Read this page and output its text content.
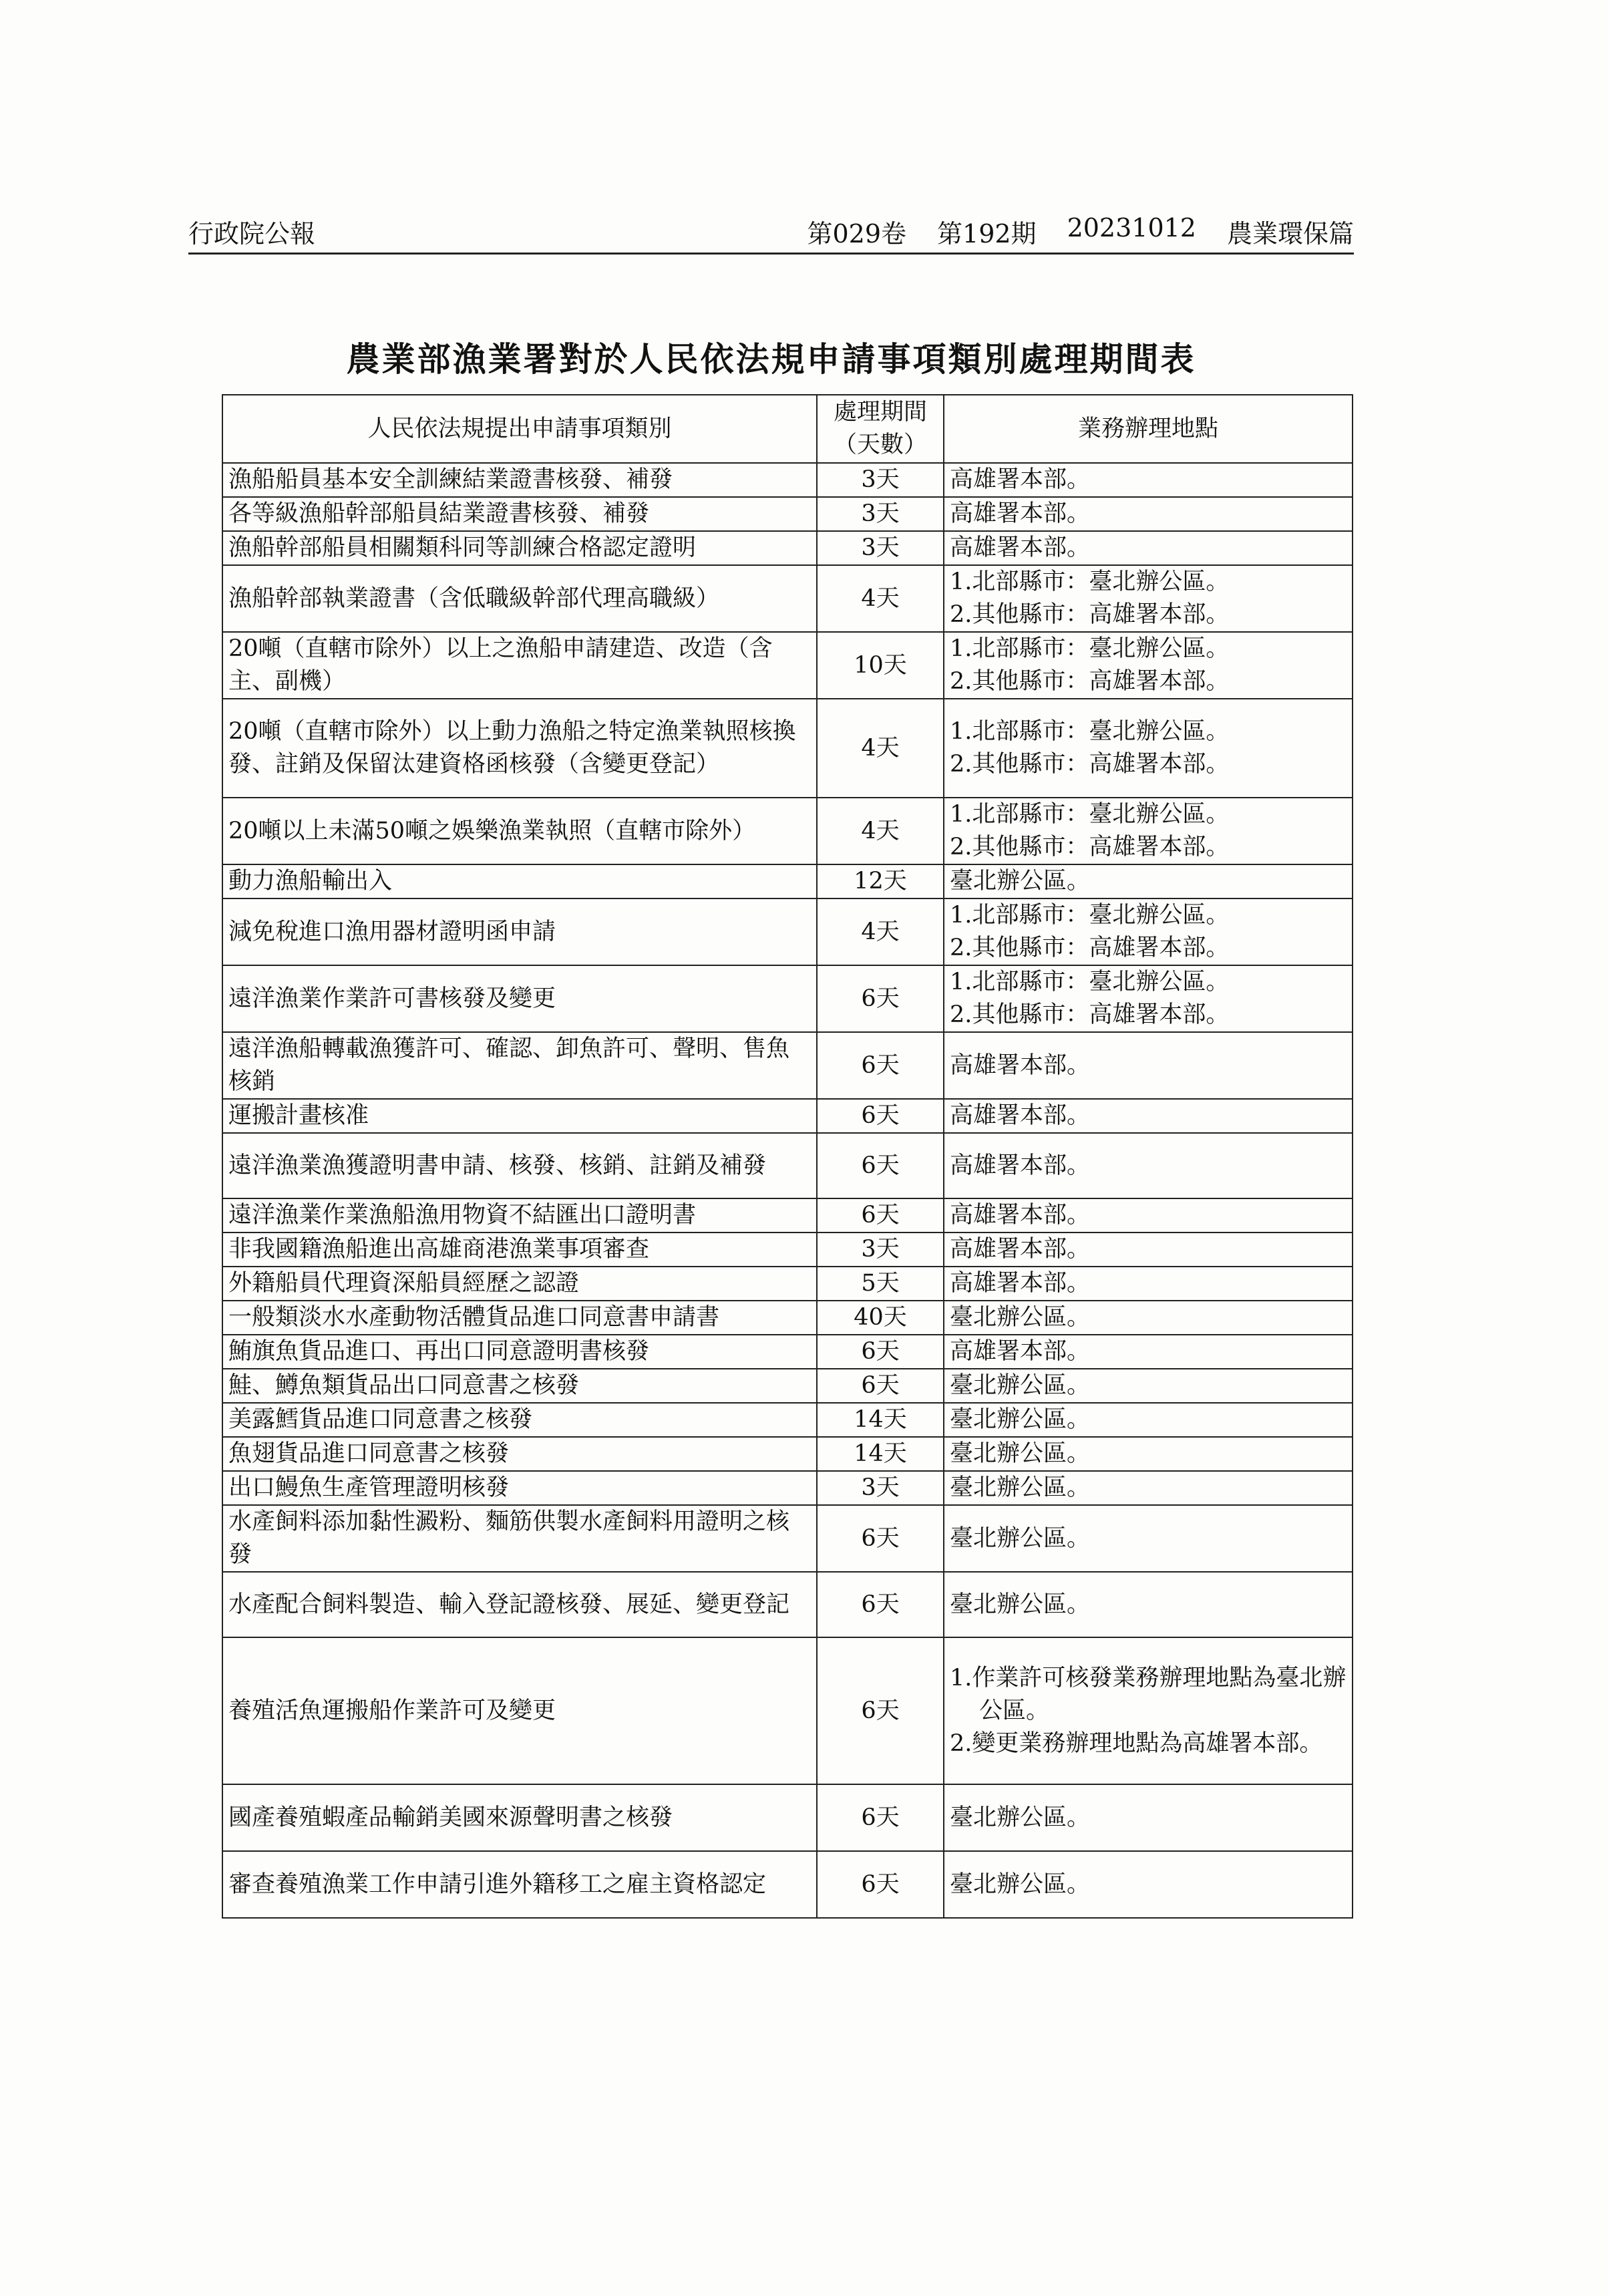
行政院公報	第029卷 第192期 20231012 農業環保篇
農業部漁業署對於人民依法規申請事項類別處理期間表
人民依法規提出申請事項類別	處理期間（天數）	業務辦理地點
漁船船員基本安全訓練結業證書核發、補發	3天	高雄署本部。

各等級漁船幹部船員結業證書核發、補發	3天	高雄署本部。

漁船幹部船員相關類科同等訓練合格認定證明	3天	高雄署本部。

漁船幹部執業證書（含低職級幹部代理高職級）	4天	1.北部縣市：臺北辦公區。
2.其他縣市：高雄署本部。

20噸（直轄市除外）以上之漁船申請建造、改造（含主、副機）	10天	1.北部縣市：臺北辦公區。
2.其他縣市：高雄署本部。

20噸（直轄市除外）以上動力漁船之特定漁業執照核換發、註銷及保留汰建資格函核發（含變更登記）	4天	1.北部縣市：臺北辦公區。
2.其他縣市：高雄署本部。

20噸以上未滿50噸之娛樂漁業執照（直轄市除外）	4天	1.北部縣市：臺北辦公區。
2.其他縣市：高雄署本部。

動力漁船輸出入	12天	臺北辦公區。

減免稅進口漁用器材證明函申請	4天	1.北部縣市：臺北辦公區。
2.其他縣市：高雄署本部。

遠洋漁業作業許可書核發及變更	6天	1.北部縣市：臺北辦公區。
2.其他縣市：高雄署本部。

遠洋漁船轉載漁獲許可、確認、卸魚許可、聲明、售魚核銷	6天	高雄署本部。

運搬計畫核准	6天	高雄署本部。

遠洋漁業漁獲證明書申請、核發、核銷、註銷及補發	6天	高雄署本部。

遠洋漁業作業漁船漁用物資不結匯出口證明書	6天	高雄署本部。

非我國籍漁船進出高雄商港漁業事項審查	3天	高雄署本部。

外籍船員代理資深船員經歷之認證	5天	高雄署本部。

一般類淡水水產動物活體貨品進口同意書申請書	40天	臺北辦公區。

鮪旗魚貨品進口、再出口同意證明書核發	6天	高雄署本部。

鮭、鱒魚類貨品出口同意書之核發	6天	臺北辦公區。

美露鱈貨品進口同意書之核發	14天	臺北辦公區。

魚翅貨品進口同意書之核發	14天	臺北辦公區。

出口鰻魚生產管理證明核發	3天	臺北辦公區。

水產飼料添加黏性澱粉、麵筋供製水產飼料用證明之核發	6天	臺北辦公區。

水產配合飼料製造、輸入登記證核發、展延、變更登記	6天	臺北辦公區。

養殖活魚運搬船作業許可及變更	6天	1.作業許可核發業務辦理地點為臺北辦公區。
2.變更業務辦理地點為高雄署本部。

國產養殖蝦產品輸銷美國來源聲明書之核發	6天	臺北辦公區。

審查養殖漁業工作申請引進外籍移工之雇主資格認定	6天	臺北辦公區。
